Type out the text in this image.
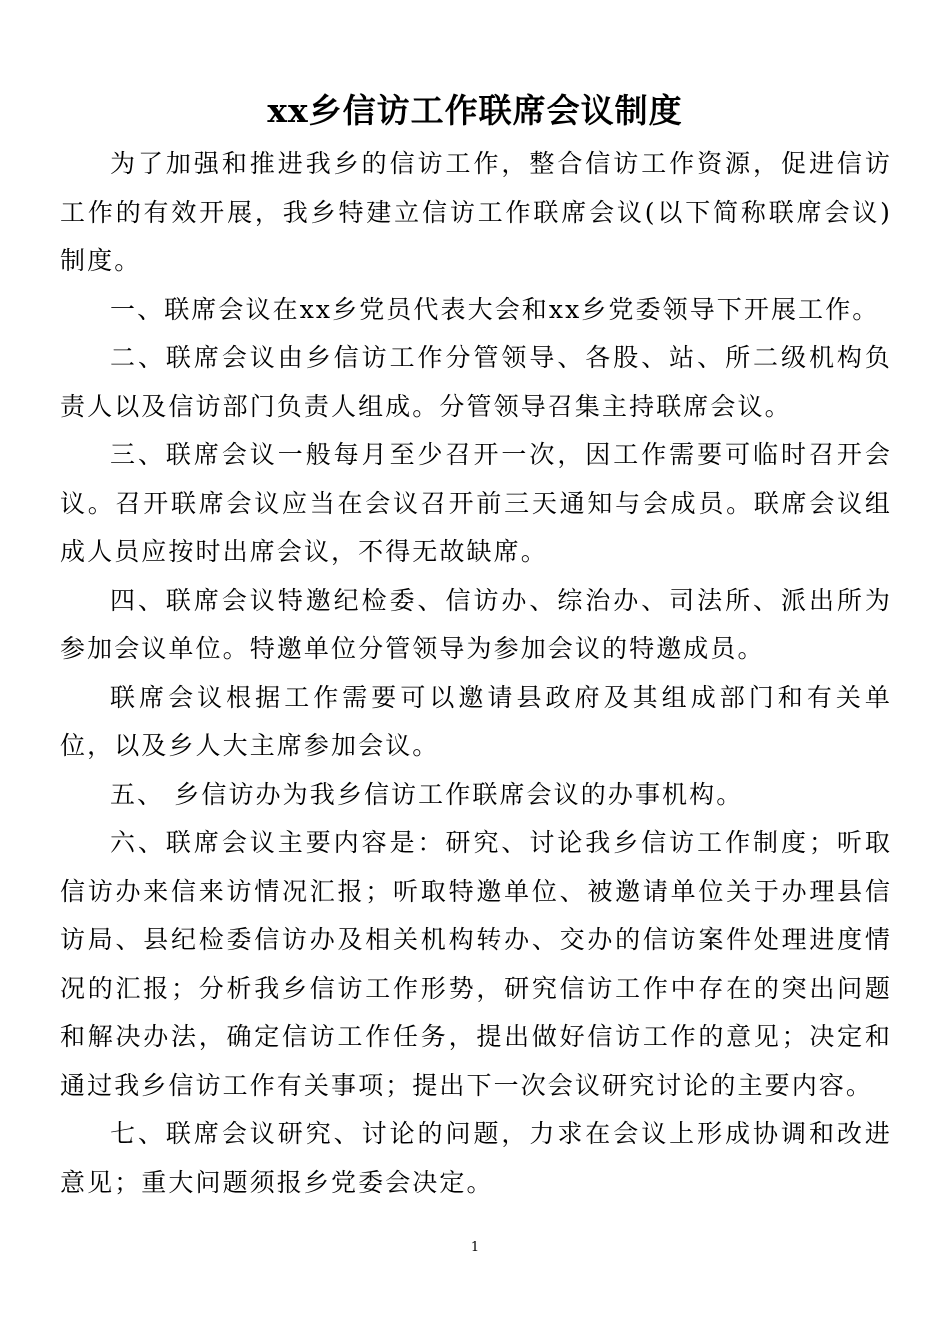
xx乡信访工作联席会议制度

为了加强和推进我乡的信访工作，整合信访工作资源，促进信访工作的有效开展，我乡特建立信访工作联席会议(以下简称联席会议)制度。

一、联席会议在xx乡党员代表大会和xx乡党委领导下开展工作。

二、联席会议由乡信访工作分管领导、各股、站、所二级机构负责人以及信访部门负责人组成。分管领导召集主持联席会议。

三、联席会议一般每月至少召开一次，因工作需要可临时召开会议。召开联席会议应当在会议召开前三天通知与会成员。联席会议组成人员应按时出席会议，不得无故缺席。

四、联席会议特邀纪检委、信访办、综治办、司法所、派出所为参加会议单位。特邀单位分管领导为参加会议的特邀成员。

联席会议根据工作需要可以邀请县政府及其组成部门和有关单位，以及乡人大主席参加会议。

五、 乡信访办为我乡信访工作联席会议的办事机构。

六、联席会议主要内容是：研究、讨论我乡信访工作制度；听取信访办来信来访情况汇报；听取特邀单位、被邀请单位关于办理县信访局、县纪检委信访办及相关机构转办、交办的信访案件处理进度情况的汇报；分析我乡信访工作形势，研究信访工作中存在的突出问题和解决办法，确定信访工作任务，提出做好信访工作的意见；决定和通过我乡信访工作有关事项；提出下一次会议研究讨论的主要内容。

七、联席会议研究、讨论的问题，力求在会议上形成协调和改进意见；重大问题须报乡党委会决定。

1
